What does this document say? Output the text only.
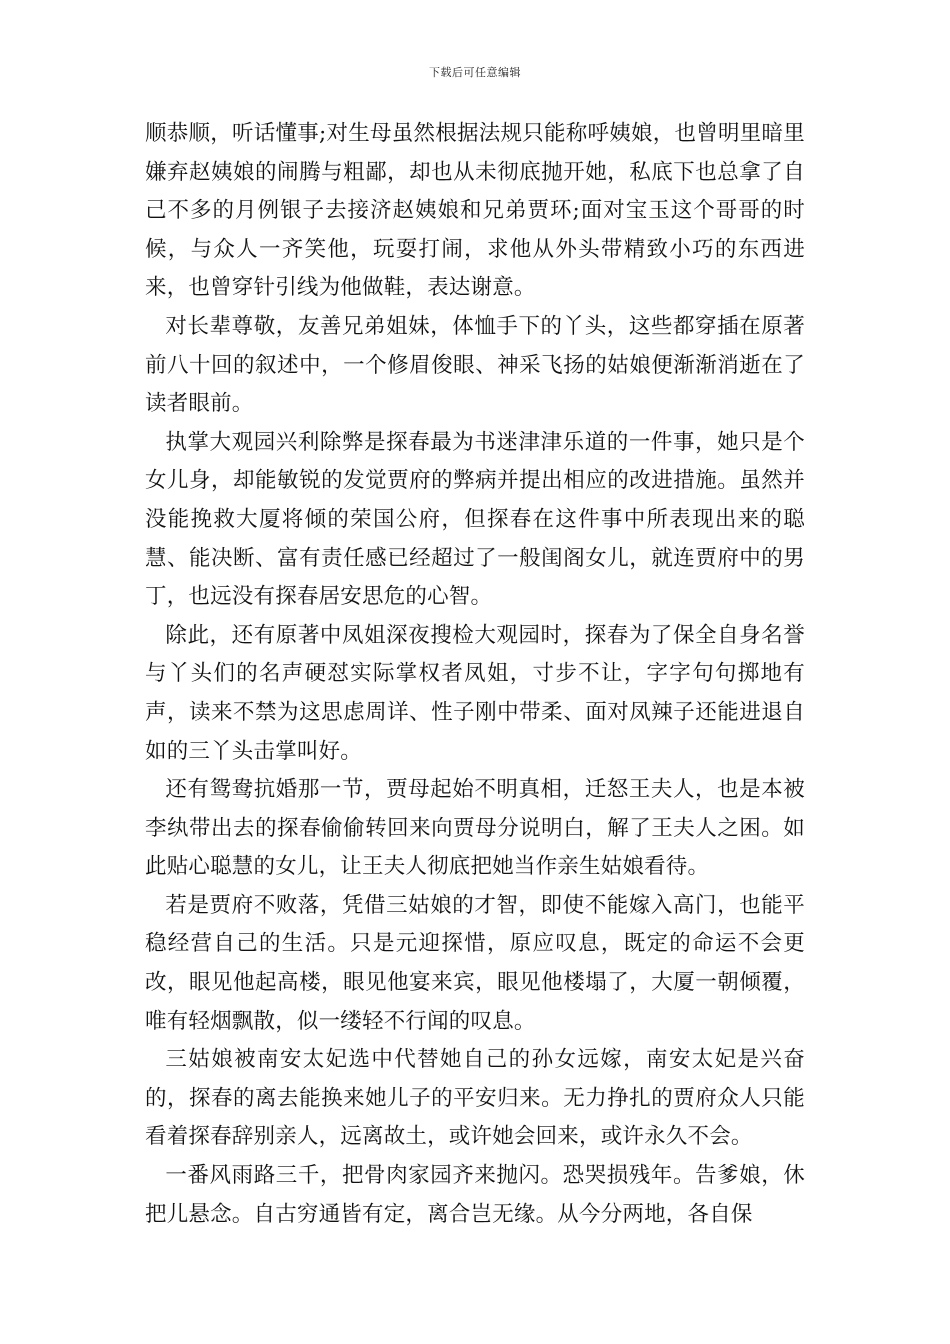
下载后可任意编辑

顺恭顺，听话懂事;对生母虽然根据法规只能称呼姨娘，也曾明里暗里嫌弃赵姨娘的闹腾与粗鄙，却也从未彻底抛开她，私底下也总拿了自己不多的月例银子去接济赵姨娘和兄弟贾环;面对宝玉这个哥哥的时候，与众人一齐笑他，玩耍打闹，求他从外头带精致小巧的东西进来，也曾穿针引线为他做鞋，表达谢意。

对长辈尊敬，友善兄弟姐妹，体恤手下的丫头，这些都穿插在原著前八十回的叙述中，一个修眉俊眼、神采飞扬的姑娘便渐渐消逝在了读者眼前。

执掌大观园兴利除弊是探春最为书迷津津乐道的一件事，她只是个女儿身，却能敏锐的发觉贾府的弊病并提出相应的改进措施。虽然并没能挽救大厦将倾的荣国公府，但探春在这件事中所表现出来的聪慧、能决断、富有责任感已经超过了一般闺阁女儿，就连贾府中的男丁，也远没有探春居安思危的心智。

除此，还有原著中凤姐深夜搜检大观园时，探春为了保全自身名誉与丫头们的名声硬怼实际掌权者凤姐，寸步不让，字字句句掷地有声，读来不禁为这思虑周详、性子刚中带柔、面对凤辣子还能进退自如的三丫头击掌叫好。

还有鸳鸯抗婚那一节，贾母起始不明真相，迁怒王夫人，也是本被李纨带出去的探春偷偷转回来向贾母分说明白，解了王夫人之困。如此贴心聪慧的女儿，让王夫人彻底把她当作亲生姑娘看待。

若是贾府不败落，凭借三姑娘的才智，即使不能嫁入高门，也能平稳经营自己的生活。只是元迎探惜，原应叹息，既定的命运不会更改，眼见他起高楼，眼见他宴来宾，眼见他楼塌了，大厦一朝倾覆，唯有轻烟飘散，似一缕轻不行闻的叹息。

三姑娘被南安太妃选中代替她自己的孙女远嫁，南安太妃是兴奋的，探春的离去能换来她儿子的平安归来。无力挣扎的贾府众人只能看着探春辞别亲人，远离故土，或许她会回来，或许永久不会。

一番风雨路三千，把骨肉家园齐来抛闪。恐哭损残年。告爹娘，休把儿悬念。自古穷通皆有定，离合岂无缘。从今分两地，各自保
